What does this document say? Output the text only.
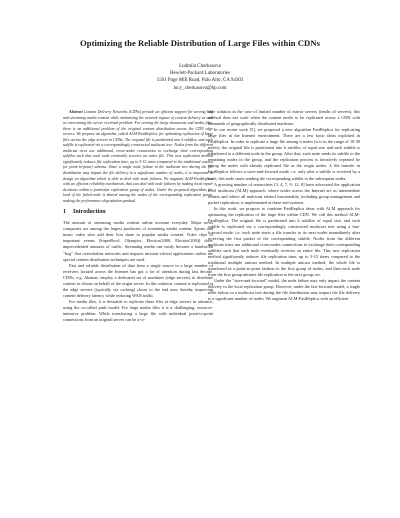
Optimizing the Reliable Distribution of Large Files within CDNs
Ludmila Cherkasova
Hewlett-Packard Laboratories
1501 Page Mill Road, Palo Alto, CA 94303
lucy_cherkasova@hp.com

Abstract Content Delivery Networks (CDNs) provide an efficient support for serving http and streaming media content while minimizing the network impact of content delivery as well as overcoming the server overload problem. For serving the large documents and media files, there is an additional problem of the original content distribution across the CDN edge servers. We propose an algorithm, called ALM-FastReplica, for optimizing replication of large files across the edge servers in CDNs. The original file is partitioned into k subfiles, and each subfile is replicated via a correspondingly constructed multicast tree. Nodes from the different multicast trees use additional, cross-nodes connections to exchange their corresponding subfiles such that each node eventually receives an entire file. This new replication method significantly reduces file replication time, up to 5-15 times compared to the traditional unicast (or point-to-point) schema. Since a single node failure in the multicast tree during the file distribution may impact the file delivery to a significant number of nodes, it is important to design an algorithm which is able to deal with node failures. We augment ALM-FastReplica with an efficient reliability mechanism, that can deal with node failures by making local repair decisions within a particular replication group of nodes. Under the proposed algorithm, the load of the failed node is shared among the nodes of the corresponding replication group, making the performance degradation gradual.

1 Introduction

The amount of streaming media content online increase everyday. Major news companies are among the largest producers of streaming media content. Sports and music video sites add their lion share to popular media content. Video clips of important events (SuperBowl, Olympics, Election'2000, Election'2004) drew unprecedented amounts of traffic. Streaming media can easily become a bandwidth "hog" that overwhelms networks and impacts mission-critical applications unless the special content distribution techniques are used.

Fast and reliable distribution of data from a single source to a large number of receivers located across the Internet has got a lot of attention during last decade. CDNs, e.g. Akamai, employ a dedicated set of machines (edge servers) to distribute content to clients on behalf of the origin server. In this solution, content is replicated at the edge servers (typically via caching) closer to the end user, thereby improving content delivery latency while reducing WAN traffic.

For media files, it is desirable to replicate these files at edge servers in advance, using the so-called push model. For large media files it is a challenging, resource-intensive problem. While transferring a large file with individual point-to-point connections from an original server can be a vi-

able solution in the case of limited number of mirror servers (tenths of servers), this method does not scale when the content needs to be replicated across a CDN with thousands of geographically distributed machines.

In our recent work [5], we proposed a new algorithm FastReplica for replicating large files in the Internet environment. There are a few basic ideas exploited in FastReplica. In order to replicate a large file among n nodes (n is in the range of 10-30 nodes), the original file is partitioned into k subfiles of equal size and each subfile is transferred to a different node in the group. After that, each node sends its subfile to the remaining nodes in the group, and the replication process is iteratively repeated by taking the nodes with already replicated file as the origin nodes. A file transfer in FastReplica follows a store-and-forward mode, i.e. only after a subfile is received by a node, this node starts sending the corresponding subfile to the subsequent nodes.

A growing number of researchers [3, 4, 7, 9, 12, 8] have advocated the application level multicast (ALM) approach, where nodes across the Internet act as intermediate routers and where all multicast related functionality, including group management and packet replication, is implemented at these end systems.

In this work, we propose to combine FastReplica ideas with ALM approach for optimizing the replication of the large files within CDN. We call this method ALM-FastReplica. The original file is partitioned into k subfiles of equal size, and each subfile is replicated via a correspondingly constructed multicast tree using a fast-forward mode, i.e. each node starts a file transfer to its next nodes immediately after receiving the first packet of the corresponding subfile. Nodes from the different multicast trees use additional cross-nodes connections to exchange their corresponding subfiles such that each node eventually receives an entire file. This new replication method significantly reduces file replication time, up to 5-15 times compared to the traditional multiple unicast method. In multiple unicast method, the whole file is transferred in a point-to-point fashion to the first group of nodes, and then each node from the first group initiates file replication to the next group, etc.

Under the "store-and-forward" model, the node failure may only impact the content delivery in the local replication group. However, under the fast-forward model, a single node failure in a multicast tree during the file distribution may impact the file delivery to a significant number of nodes. We augment ALM-FastReplica with an efficient
